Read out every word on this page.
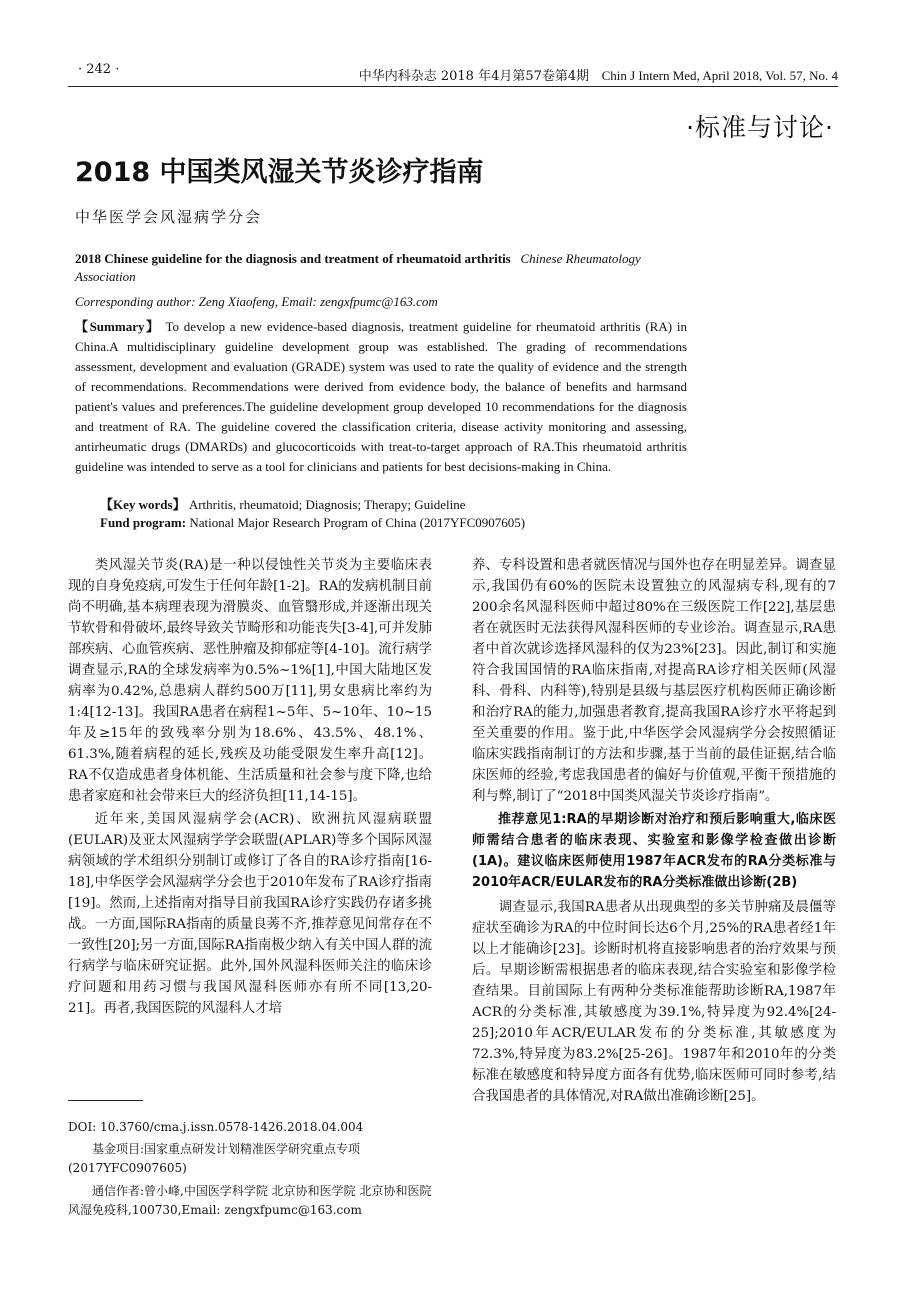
· 242 ·	中华内科杂志 2018 年4月第57卷第4期 Chin J Intern Med, April 2018, Vol. 57, No. 4
·标准与讨论·
2018 中国类风湿关节炎诊疗指南
中华医学会风湿病学分会
2018 Chinese guideline for the diagnosis and treatment of rheumatoid arthritis Chinese Rheumatology Association
Corresponding author: Zeng Xiaofeng, Email: zengxfpumc@163.com
【Summary】 To develop a new evidence-based diagnosis, treatment guideline for rheumatoid arthritis (RA) in China.A multidisciplinary guideline development group was established. The grading of recommendations assessment, development and evaluation (GRADE) system was used to rate the quality of evidence and the strength of recommendations. Recommendations were derived from evidence body, the balance of benefits and harmsand patient's values and preferences.The guideline development group developed 10 recommendations for the diagnosis and treatment of RA. The guideline covered the classification criteria, disease activity monitoring and assessing, antirheumatic drugs (DMARDs) and glucocorticoids with treat-to-target approach of RA.This rheumatoid arthritis guideline was intended to serve as a tool for clinicians and patients for best decisions-making in China.
【Key words】 Arthritis, rheumatoid; Diagnosis; Therapy; Guideline
Fund program: National Major Research Program of China (2017YFC0907605)

类风湿关节炎(RA)是一种以侵蚀性关节炎为主要临床表现的自身免疫病,可发生于任何年龄[1-2]。RA的发病机制目前尚不明确,基本病理表现为滑膜炎、血管翳形成,并逐渐出现关节软骨和骨破坏,最终导致关节畸形和功能丧失[3-4],可并发肺部疾病、心血管疾病、恶性肿瘤及抑郁症等[4-10]。流行病学调查显示,RA的全球发病率为0.5%~1%[1],中国大陆地区发病率为0.42%,总患病人群约500万[11],男女患病比率约为1:4[12-13]。我国RA患者在病程1~5年、5~10年、10~15年及≥15年的致残率分别为18.6%、43.5%、48.1%、61.3%,随着病程的延长,残疾及功能受限发生率升高[12]。RA不仅造成患者身体机能、生活质量和社会参与度下降,也给患者家庭和社会带来巨大的经济负担[11,14-15]。

近年来,美国风湿病学会(ACR)、欧洲抗风湿病联盟(EULAR)及亚太风湿病学学会联盟(APLAR)等多个国际风湿病领域的学术组织分别制订或修订了各自的RA诊疗指南[16-18],中华医学会风湿病学分会也于2010年发布了RA诊疗指南[19]。然而,上述指南对指导目前我国RA诊疗实践仍存诸多挑战。一方面,国际RA指南的质量良莠不齐,推荐意见间常存在不一致性[20];另一方面,国际RA指南极少纳入有关中国人群的流行病学与临床研究证据。此外,国外风湿科医师关注的临床诊疗问题和用药习惯与我国风湿科医师亦有所不同[13,20-21]。再者,我国医院的风湿科人才培

养、专科设置和患者就医情况与国外也存在明显差异。调查显示,我国仍有60%的医院未设置独立的风湿病专科,现有的7 200余名风湿科医师中超过80%在三级医院工作[22],基层患者在就医时无法获得风湿科医师的专业诊治。调查显示,RA患者中首次就诊选择风湿科的仅为23%[23]。因此,制订和实施符合我国国情的RA临床指南,对提高RA诊疗相关医师(风湿科、骨科、内科等),特别是县级与基层医疗机构医师正确诊断和治疗RA的能力,加强患者教育,提高我国RA诊疗水平将起到至关重要的作用。鉴于此,中华医学会风湿病学分会按照循证临床实践指南制订的方法和步骤,基于当前的最佳证据,结合临床医师的经验,考虑我国患者的偏好与价值观,平衡干预措施的利与弊,制订了“2018中国类风湿关节炎诊疗指南”。

推荐意见1:RA的早期诊断对治疗和预后影响重大,临床医师需结合患者的临床表现、实验室和影像学检查做出诊断(1A)。建议临床医师使用1987年ACR发布的RA分类标准与2010年ACR/EULAR发布的RA分类标准做出诊断(2B)

调查显示,我国RA患者从出现典型的多关节肿痛及晨僵等症状至确诊为RA的中位时间长达6个月,25%的RA患者经1年以上才能确诊[23]。诊断时机将直接影响患者的治疗效果与预后。早期诊断需根据患者的临床表现,结合实验室和影像学检查结果。目前国际上有两种分类标准能帮助诊断RA,1987年ACR的分类标准,其敏感度为39.1%,特异度为92.4%[24-25];2010年ACR/EULAR发布的分类标准,其敏感度为72.3%,特异度为83.2%[25-26]。1987年和2010年的分类标准在敏感度和特异度方面各有优势,临床医师可同时参考,结合我国患者的具体情况,对RA做出准确诊断[25]。

DOI: 10.3760/cma.j.issn.0578-1426.2018.04.004
基金项目:国家重点研发计划精准医学研究重点专项(2017YFC0907605)
通信作者:曾小峰,中国医学科学院 北京协和医学院 北京协和医院风湿免疫科,100730,Email: zengxfpumc@163.com
